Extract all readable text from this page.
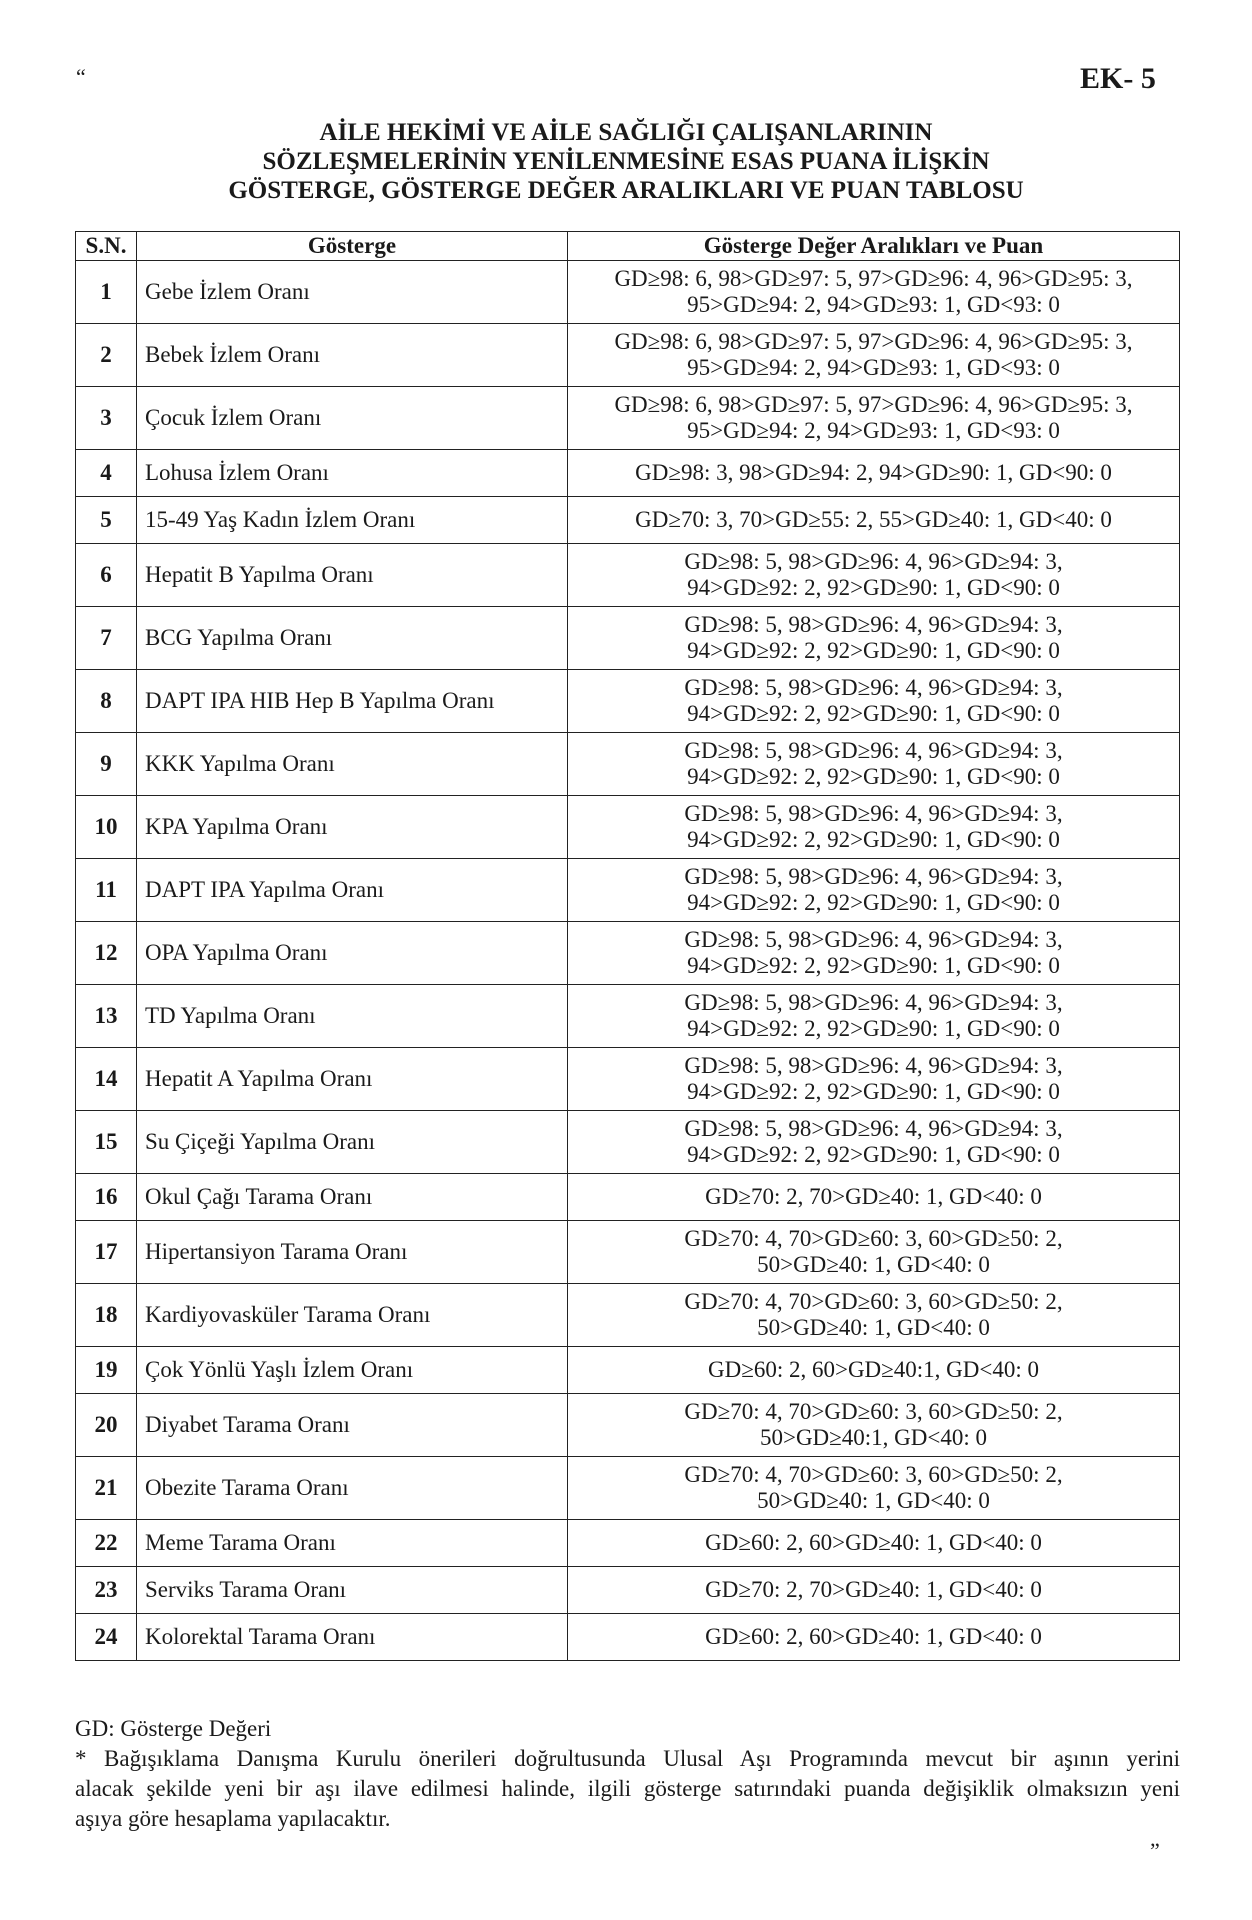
“	EK- 5
AİLE HEKİMİ VE AİLE SAĞLIĞI ÇALIŞANLARININ
SÖZLEŞMELERİNİN YENİLENMESİNE ESAS PUANA İLİŞKİN
GÖSTERGE, GÖSTERGE DEĞER ARALIKLARI VE PUAN TABLOSU
S.N.	Gösterge	Gösterge Değer Aralıkları ve Puan
1	Gebe İzlem Oranı	GD≥98: 6, 98>GD≥97: 5, 97>GD≥96: 4, 96>GD≥95: 3,
95>GD≥94: 2, 94>GD≥93: 1, GD<93: 0

2	Bebek İzlem Oranı	GD≥98: 6, 98>GD≥97: 5, 97>GD≥96: 4, 96>GD≥95: 3,
95>GD≥94: 2, 94>GD≥93: 1, GD<93: 0

3	Çocuk İzlem Oranı	GD≥98: 6, 98>GD≥97: 5, 97>GD≥96: 4, 96>GD≥95: 3,
95>GD≥94: 2, 94>GD≥93: 1, GD<93: 0

4	Lohusa İzlem Oranı	GD≥98: 3, 98>GD≥94: 2, 94>GD≥90: 1, GD<90: 0

5	15-49 Yaş Kadın İzlem Oranı	GD≥70: 3, 70>GD≥55: 2, 55>GD≥40: 1, GD<40: 0

6	Hepatit B Yapılma Oranı	GD≥98: 5, 98>GD≥96: 4, 96>GD≥94: 3,
94>GD≥92: 2, 92>GD≥90: 1, GD<90: 0

7	BCG Yapılma Oranı	GD≥98: 5, 98>GD≥96: 4, 96>GD≥94: 3,
94>GD≥92: 2, 92>GD≥90: 1, GD<90: 0

8	DAPT IPA HIB Hep B Yapılma Oranı	GD≥98: 5, 98>GD≥96: 4, 96>GD≥94: 3,
94>GD≥92: 2, 92>GD≥90: 1, GD<90: 0

9	KKK Yapılma Oranı	GD≥98: 5, 98>GD≥96: 4, 96>GD≥94: 3,
94>GD≥92: 2, 92>GD≥90: 1, GD<90: 0

10	KPA Yapılma Oranı	GD≥98: 5, 98>GD≥96: 4, 96>GD≥94: 3,
94>GD≥92: 2, 92>GD≥90: 1, GD<90: 0

11	DAPT IPA Yapılma Oranı	GD≥98: 5, 98>GD≥96: 4, 96>GD≥94: 3,
94>GD≥92: 2, 92>GD≥90: 1, GD<90: 0

12	OPA Yapılma Oranı	GD≥98: 5, 98>GD≥96: 4, 96>GD≥94: 3,
94>GD≥92: 2, 92>GD≥90: 1, GD<90: 0

13	TD Yapılma Oranı	GD≥98: 5, 98>GD≥96: 4, 96>GD≥94: 3,
94>GD≥92: 2, 92>GD≥90: 1, GD<90: 0

14	Hepatit A Yapılma Oranı	GD≥98: 5, 98>GD≥96: 4, 96>GD≥94: 3,
94>GD≥92: 2, 92>GD≥90: 1, GD<90: 0

15	Su Çiçeği Yapılma Oranı	GD≥98: 5, 98>GD≥96: 4, 96>GD≥94: 3,
94>GD≥92: 2, 92>GD≥90: 1, GD<90: 0

16	Okul Çağı Tarama Oranı	GD≥70: 2, 70>GD≥40: 1, GD<40: 0

17	Hipertansiyon Tarama Oranı	GD≥70: 4, 70>GD≥60: 3, 60>GD≥50: 2,
50>GD≥40: 1, GD<40: 0

18	Kardiyovasküler Tarama Oranı	GD≥70: 4, 70>GD≥60: 3, 60>GD≥50: 2,
50>GD≥40: 1, GD<40: 0

19	Çok Yönlü Yaşlı İzlem Oranı	GD≥60: 2, 60>GD≥40:1, GD<40: 0

20	Diyabet Tarama Oranı	GD≥70: 4, 70>GD≥60: 3, 60>GD≥50: 2,
50>GD≥40:1, GD<40: 0

21	Obezite Tarama Oranı	GD≥70: 4, 70>GD≥60: 3, 60>GD≥50: 2,
50>GD≥40: 1, GD<40: 0

22	Meme Tarama Oranı	GD≥60: 2, 60>GD≥40: 1, GD<40: 0

23	Serviks Tarama Oranı	GD≥70: 2, 70>GD≥40: 1, GD<40: 0

24	Kolorektal Tarama Oranı	GD≥60: 2, 60>GD≥40: 1, GD<40: 0
GD: Gösterge Değeri
* Bağışıklama Danışma Kurulu önerileri doğrultusunda Ulusal Aşı Programında mevcut bir aşının yerini
alacak şekilde yeni bir aşı ilave edilmesi halinde, ilgili gösterge satırındaki puanda değişiklik olmaksızın yeni
aşıya göre hesaplama yapılacaktır.
”
